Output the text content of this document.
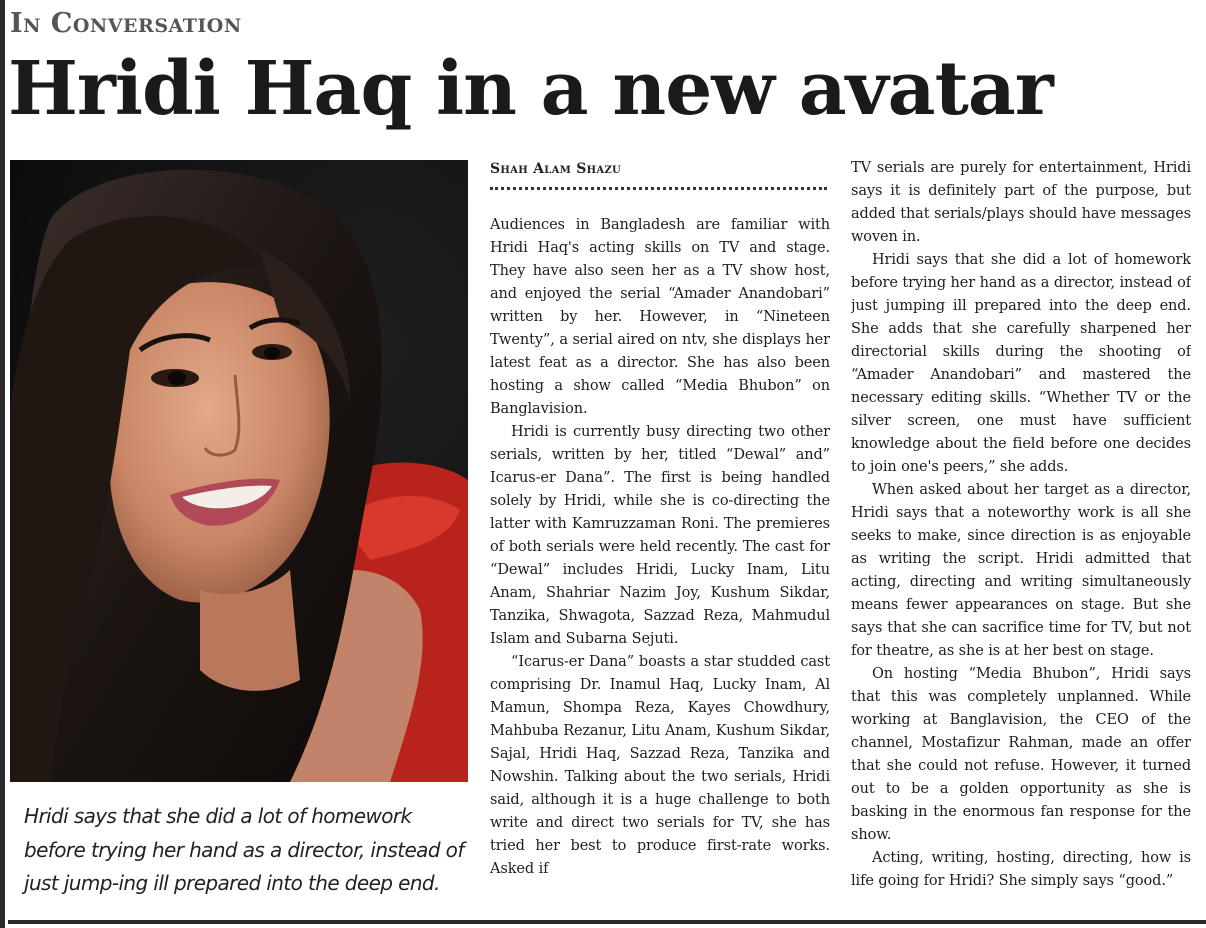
In Conversation
Hridi Haq in a new avatar
Hridi says that she did a lot of homework before trying her hand as a director, instead of just jump-ing ill prepared into the deep end.
Shah Alam Shazu

Audiences in Bangladesh are familiar with Hridi Haq's acting skills on TV and stage. They have also seen her as a TV show host, and enjoyed the serial “Amader Anandobari” written by her. However, in “Nineteen Twenty”, a serial aired on ntv, she displays her latest feat as a director. She has also been hosting a show called “Media Bhubon” on Banglavision.

Hridi is currently busy directing two other serials, written by her, titled “Dewal” and” Icarus-er Dana”. The first is being handled solely by Hridi, while she is co-directing the latter with Kamruzzaman Roni. The premieres of both serials were held recently. The cast for “Dewal” includes Hridi, Lucky Inam, Litu Anam, Shahriar Nazim Joy, Kushum Sikdar, Tanzika, Shwagota, Sazzad Reza, Mahmudul Islam and Subarna Sejuti.

“Icarus-er Dana” boasts a star studded cast comprising Dr. Inamul Haq, Lucky Inam, Al Mamun, Shompa Reza, Kayes Chowdhury, Mahbuba Rezanur, Litu Anam, Kushum Sikdar, Sajal, Hridi Haq, Sazzad Reza, Tanzika and Nowshin. Talking about the two serials, Hridi said, although it is a huge challenge to both write and direct two serials for TV, she has tried her best to produce first-rate works. Asked if

TV serials are purely for entertainment, Hridi says it is definitely part of the purpose, but added that serials/plays should have messages woven in.

Hridi says that she did a lot of homework before trying her hand as a director, instead of just jumping ill prepared into the deep end. She adds that she carefully sharpened her directorial skills during the shooting of “Amader Anandobari” and mastered the necessary editing skills. “Whether TV or the silver screen, one must have sufficient knowledge about the field before one decides to join one's peers,” she adds.

When asked about her target as a director, Hridi says that a noteworthy work is all she seeks to make, since direction is as enjoyable as writing the script. Hridi admitted that acting, directing and writing simultaneously means fewer appearances on stage. But she says that she can sacrifice time for TV, but not for theatre, as she is at her best on stage.

On hosting “Media Bhubon”, Hridi says that this was completely unplanned. While working at Banglavision, the CEO of the channel, Mostafizur Rahman, made an offer that she could not refuse. However, it turned out to be a golden opportunity as she is basking in the enormous fan response for the show.

Acting, writing, hosting, directing, how is life going for Hridi? She simply says “good.”
